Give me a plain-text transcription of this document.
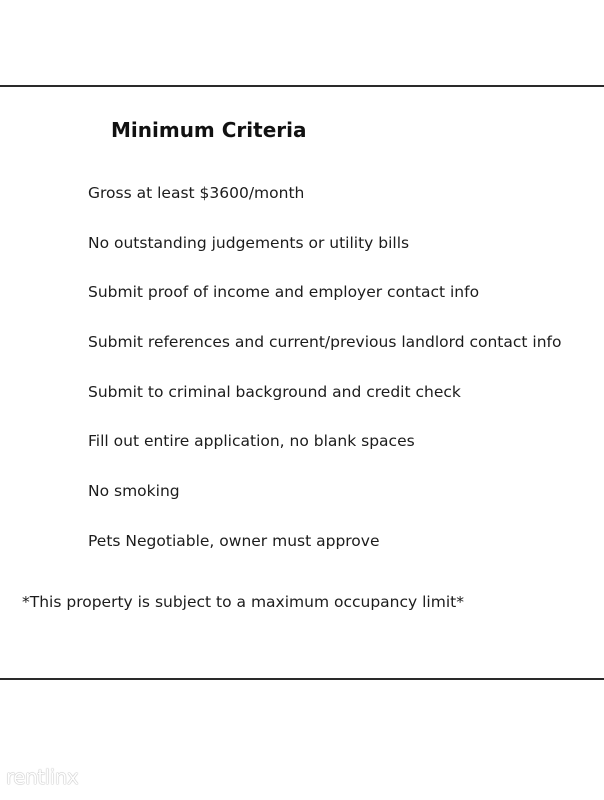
Minimum Criteria
Gross at least $3600/month
No outstanding judgements or utility bills
Submit proof of income and employer contact info
Submit references and current/previous landlord contact info
Submit to criminal background and credit check
Fill out entire application, no blank spaces
No smoking
Pets Negotiable, owner must approve
*This property is subject to a maximum occupancy limit*
rentlinx
